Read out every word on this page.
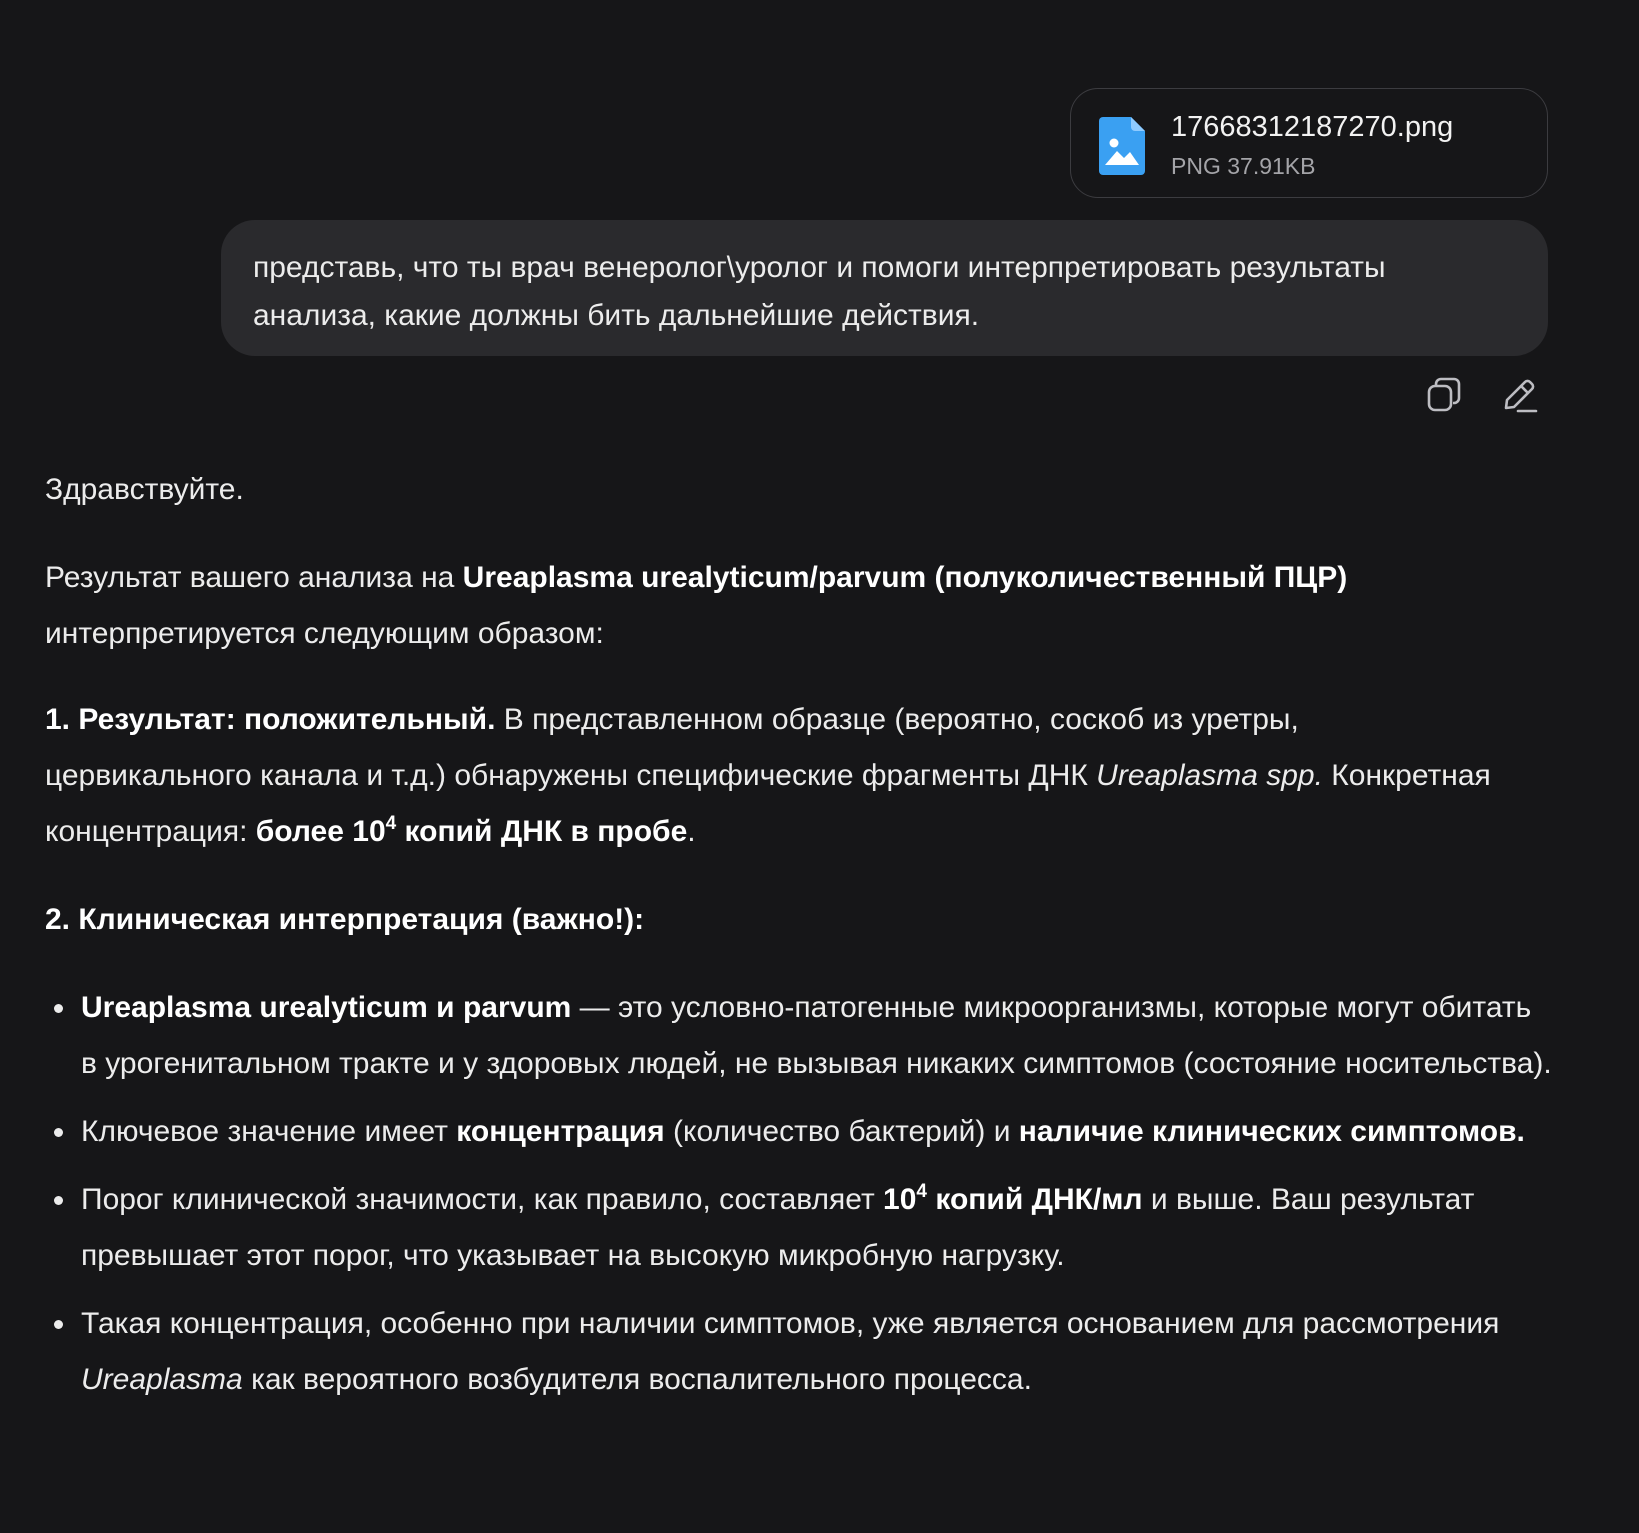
17668312187270.png
PNG 37.91KB
представь, что ты врач венеролог\уролог и помоги интерпретировать результаты анализа, какие должны бить дальнейшие действия.

Здравствуйте.

Результат вашего анализа на Ureaplasma urealyticum/parvum (полуколичественный ПЦР) интерпретируется следующим образом:

1. Результат: положительный. В представленном образце (вероятно, соскоб из уретры, цервикального канала и т.д.) обнаружены специфические фрагменты ДНК Ureaplasma spp. Конкретная концентрация: более $10^4$ копий ДНК в пробе.

2. Клиническая интерпретация (важно!):

Ureaplasma urealyticum и parvum — это условно-патогенные микроорганизмы, которые могут обитать в урогенитальном тракте и у здоровых людей, не вызывая никаких симптомов (состояние носительства).
Ключевое значение имеет концентрация (количество бактерий) и наличие клинических симптомов.
Порог клинической значимости, как правило, составляет $10^4$ копий ДНК/мл и выше. Ваш результат превышает этот порог, что указывает на высокую микробную нагрузку.
Такая концентрация, особенно при наличии симптомов, уже является основанием для рассмотрения Ureaplasma как вероятного возбудителя воспалительного процесса.
